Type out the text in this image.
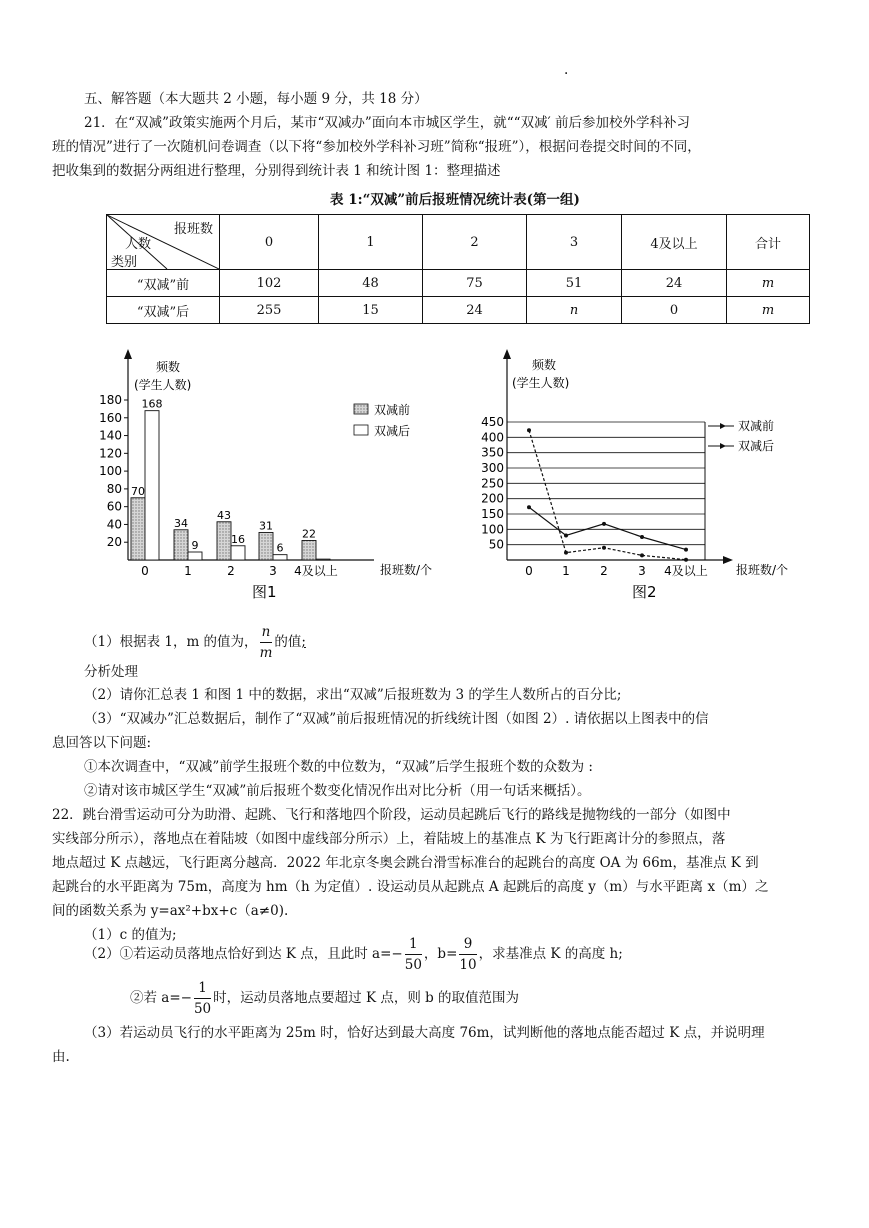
.
五、解答题（本大题共 2 小题，每小题 9 分，共 18 分）
21．在“双减”政策实施两个月后，某市“双减办”面向本市城区学生，就““双减′ 前后参加校外学科补习
班的情况”进行了一次随机问卷调查（以下将“参加校外学科补习班”简称“报班”），根据问卷提交时间的不同，
把收集到的数据分两组进行整理，分别得到统计表 1 和统计图 1：整理描述
表 1:“双减”前后报班情况统计表(第一组)
报班数
人数
类别	0	1	2	3	4及以上	合计
“双减”前	102	48	75	51	24	m
“双减”后	255	15	24	n	0	m
频数
(学生人数)
20
40
60
80
100
120
140
160
180
70
168
34
9
43
16
31
6
22
0	1	2	3 4及以上	报班数/个
图1
双减前
双减后
频数
(学生人数)
50
100
150
200
250
300
350
400
450
0 1	2	3 4及以上 报班数/个
图2
双减前
双减后
（1）根据表 1，m 的值为， $\frac{n}{m}$ 的值;
分析处理
（2）请你汇总表 1 和图 1 中的数据，求出“双减”后报班数为 3 的学生人数所占的百分比;
（3）“双减办”汇总数据后，制作了“双减”前后报班情况的折线统计图（如图 2）. 请依据以上图表中的信
息回答以下问题:
①本次调查中，“双减”前学生报班个数的中位数为，“双减”后学生报班个数的众数为 :
②请对该市城区学生“双减”前后报班个数变化情况作出对比分析（用一句话来概括）。
22．跳台滑雪运动可分为助滑、起跳、飞行和落地四个阶段，运动员起跳后飞行的路线是抛物线的一部分（如图中
实线部分所示），落地点在着陆坡（如图中虚线部分所示）上，着陆坡上的基准点 K 为飞行距离计分的参照点，落
地点超过 K 点越远，飞行距离分越高．2022 年北京冬奥会跳台滑雪标准台的起跳台的高度 OA 为 66m，基准点 K 到
起跳台的水平距离为 75m，高度为 hm（h 为定值）. 设运动员从起跳点 A 起跳后的高度 y（m）与水平距离 x（m）之
间的函数关系为 y=ax²+bx+c（a≠0).
（1）c 的值为;
（2）①若运动员落地点恰好到达 K 点，且此时 $a=- \frac{1}{50}$ ，$b= \frac{9}{10}$ ，求基准点 K 的高度 h;
②若 $a=- \frac{1}{50}$ 时，运动员落地点要超过 K 点，则 b 的取值范围为
（3）若运动员飞行的水平距离为 25m 时，恰好达到最大高度 76m，试判断他的落地点能否超过 K 点，并说明理
由.
